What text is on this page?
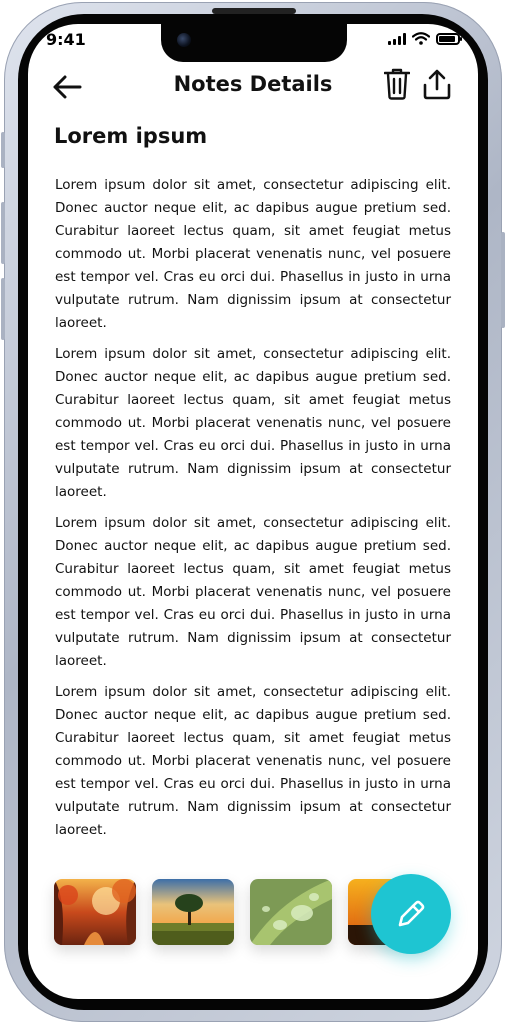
9:41
Notes Details
Lorem ipsum

Lorem ipsum dolor sit amet, consectetur adipiscing elit. Donec auctor neque elit, ac dapibus augue pretium sed. Curabitur laoreet lectus quam, sit amet feugiat metus commodo ut. Morbi placerat venenatis nunc, vel posuere est tempor vel. Cras eu orci dui. Phasellus in justo in urna vulputate rutrum. Nam dignissim ipsum at consectetur laoreet.

Lorem ipsum dolor sit amet, consectetur adipiscing elit. Donec auctor neque elit, ac dapibus augue pretium sed. Curabitur laoreet lectus quam, sit amet feugiat metus commodo ut. Morbi placerat venenatis nunc, vel posuere est tempor vel. Cras eu orci dui. Phasellus in justo in urna vulputate rutrum. Nam dignissim ipsum at consectetur laoreet.

Lorem ipsum dolor sit amet, consectetur adipiscing elit. Donec auctor neque elit, ac dapibus augue pretium sed. Curabitur laoreet lectus quam, sit amet feugiat metus commodo ut. Morbi placerat venenatis nunc, vel posuere est tempor vel. Cras eu orci dui. Phasellus in justo in urna vulputate rutrum. Nam dignissim ipsum at consectetur laoreet.

Lorem ipsum dolor sit amet, consectetur adipiscing elit. Donec auctor neque elit, ac dapibus augue pretium sed. Curabitur laoreet lectus quam, sit amet feugiat metus commodo ut. Morbi placerat venenatis nunc, vel posuere est tempor vel. Cras eu orci dui. Phasellus in justo in urna vulputate rutrum. Nam dignissim ipsum at consectetur laoreet.
